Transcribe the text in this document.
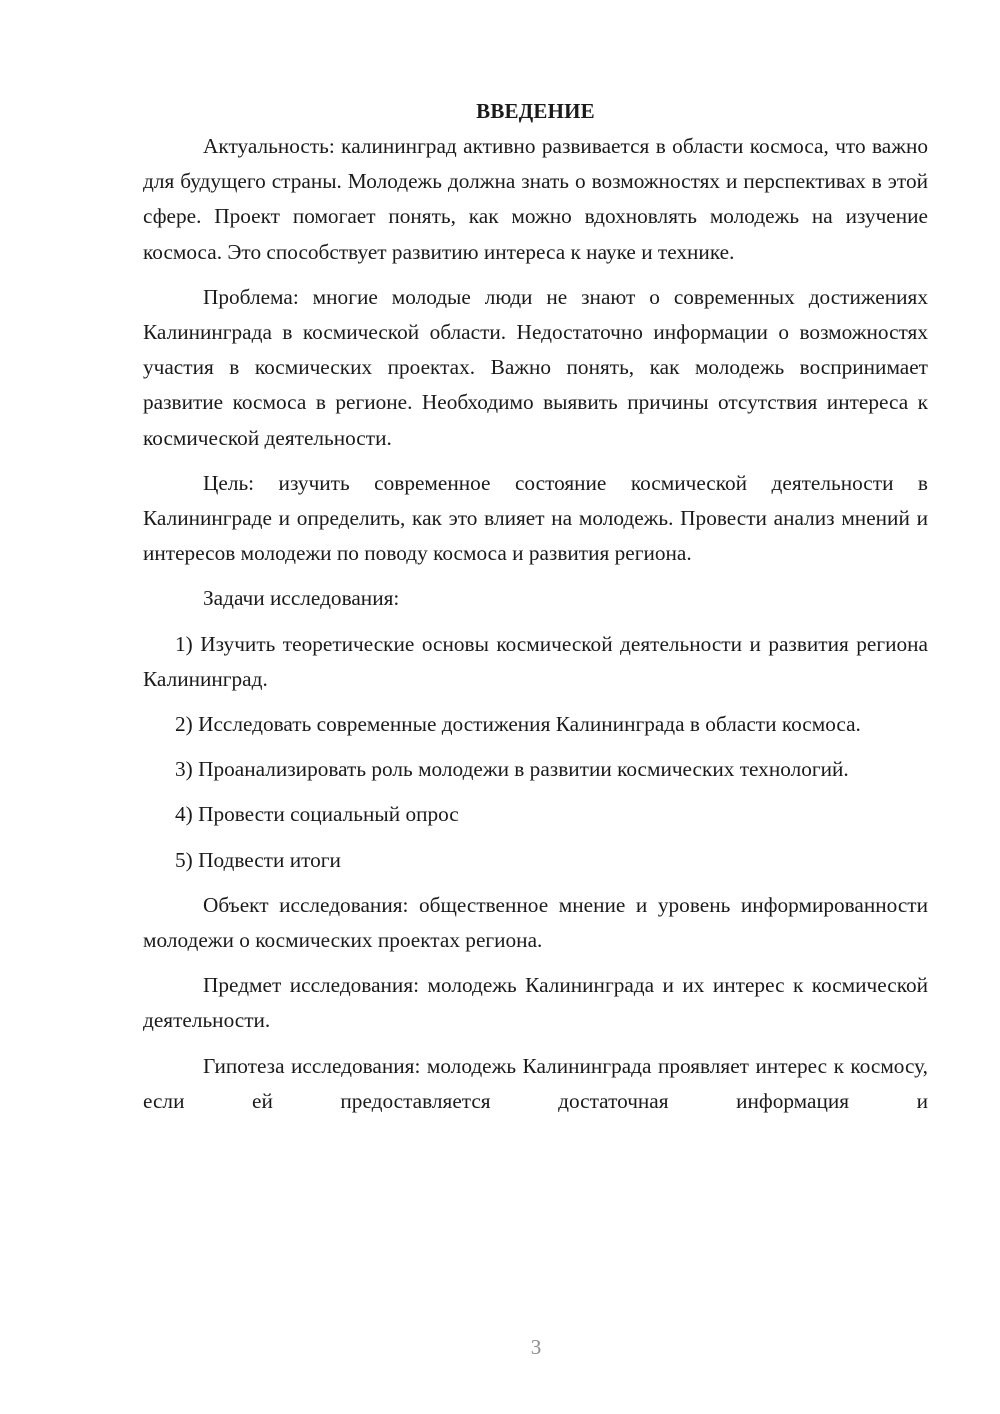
ВВЕДЕНИЕ

Актуальность: калининград активно развивается в области космоса, что важно для будущего страны. Молодежь должна знать о возможностях и перспективах в этой сфере. Проект помогает понять, как можно вдохновлять молодежь на изучение космоса. Это способствует развитию интереса к науке и технике.

Проблема: многие молодые люди не знают о современных достижениях Калининграда в космической области. Недостаточно информации о возможностях участия в космических проектах. Важно понять, как молодежь воспринимает развитие космоса в регионе. Необходимо выявить причины отсутствия интереса к космической деятельности.

Цель: изучить современное состояние космической деятельности в Калининграде и определить, как это влияет на молодежь. Провести анализ мнений и интересов молодежи по поводу космоса и развития региона.

Задачи исследования:

1) Изучить теоретические основы космической деятельности и развития региона Калининград.

2) Исследовать современные достижения Калининграда в области космоса.

3) Проанализировать роль молодежи в развитии космических технологий.

4) Провести социальный опрос

5) Подвести итоги

Объект исследования: общественное мнение и уровень информированности молодежи о космических проектах региона.

Предмет исследования: молодежь Калининграда и их интерес к космической деятельности.

Гипотеза исследования: молодежь Калининграда проявляет интерес к космосу, если ей предоставляется достаточная информация и

3
